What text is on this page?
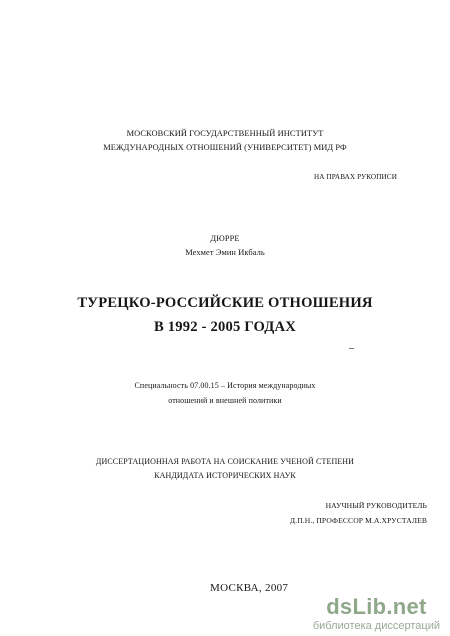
МОСКОВСКИЙ ГОСУДАРСТВЕННЫЙ ИНСТИТУТ
МЕЖДУНАРОДНЫХ ОТНОШЕНИЙ (УНИВЕРСИТЕТ) МИД РФ
НА ПРАВАХ РУКОПИСИ
ДЮРРЕ
Мехмет Эмин Икбаль
ТУРЕЦКО-РОССИЙСКИЕ ОТНОШЕНИЯ
В 1992 - 2005 ГОДАХ
Специальность 07.00.15 – История международных
отношений и внешней политики
ДИССЕРТАЦИОННАЯ РАБОТА НА СОИСКАНИЕ УЧЕНОЙ СТЕПЕНИ
КАНДИДАТА ИСТОРИЧЕСКИХ НАУК
НАУЧНЫЙ РУКОВОДИТЕЛЬ
Д.П.Н., ПРОФЕССОР М.А.ХРУСТАЛЕВ
МОСКВА, 2007
dsLib.net
библиотека диссертаций
